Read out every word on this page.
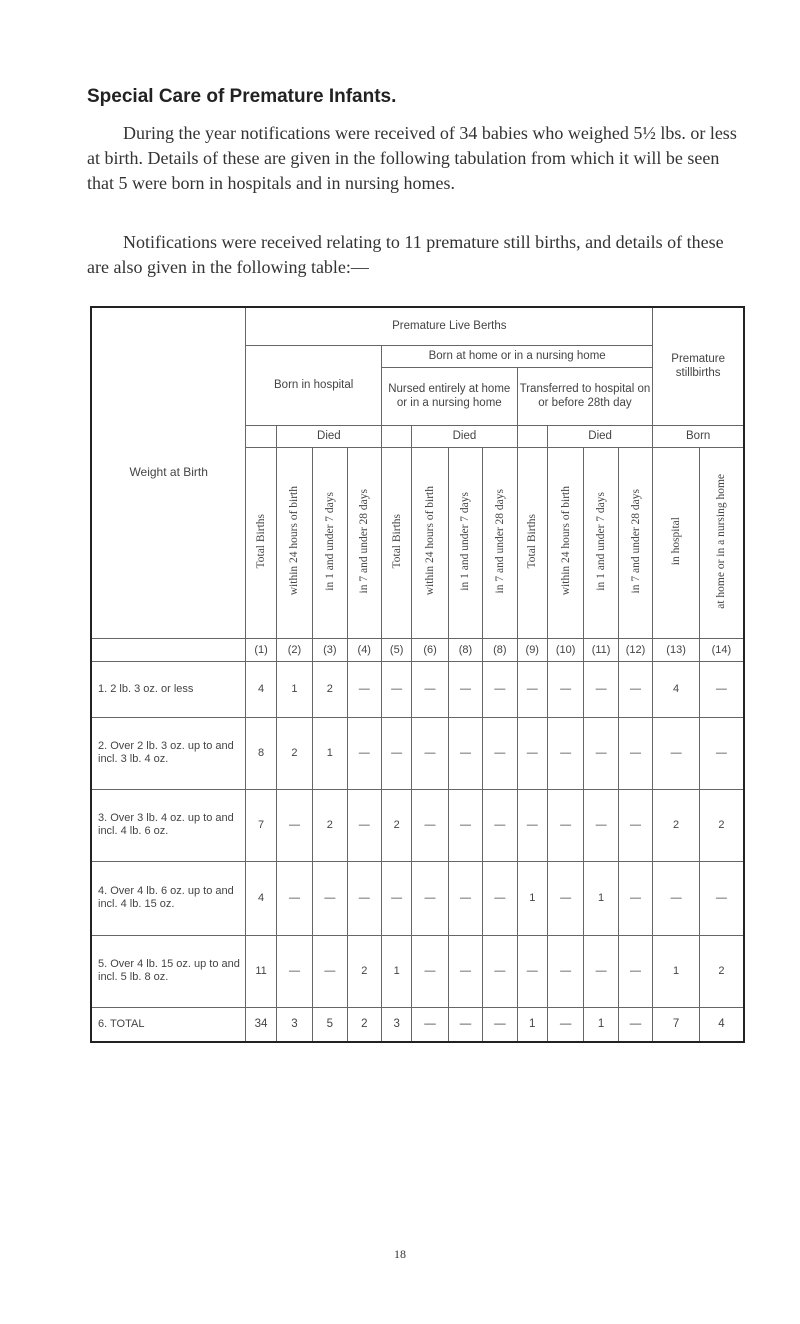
Special Care of Premature Infants.

During the year notifications were received of 34 babies who weighed 5½ lbs. or less at birth. Details of these are given in the following tabulation from which it will be seen that 5 were born in hospitals and in nursing homes.

Notifications were received relating to 11 premature still births, and details of these are also given in the following table:—

Weight at Birth	Premature Live Berths												Premature stillbirths	
	Born in hospital				Born at home or in a nursing home									
					Nursed entirely at home or in a nursing home				Transferred to hospital on or before 28th day					
		Died				Died				Died			Born	
	Total Births	within 24 hours of birth	in 1 and under 7 days	in 7 and under 28 days	Total Births	within 24 hours of birth	in 1 and under 7 days	in 7 and under 28 days	Total Births	within 24 hours of birth	in 1 and under 7 days	in 7 and under 28 days	in hospital	at home or in a nursing home
	(1)	(2)	(3)	(4)	(5)	(6)	(8)	(8)	(9)	(10)	(11)	(12)	(13)	(14)
1. 2 lb. 3 oz. or less	4	1	2	—	—	—	—	—	—	—	—	—	4	—
2. Over 2 lb. 3 oz. up to and incl. 3 lb. 4 oz.	8	2	1	—	—	—	—	—	—	—	—	—	—	—
3. Over 3 lb. 4 oz. up to and incl. 4 lb. 6 oz.	7	—	2	—	2	—	—	—	—	—	—	—	2	2
4. Over 4 lb. 6 oz. up to and incl. 4 lb. 15 oz.	4	—	—	—	—	—	—	—	1	—	1	—	—	—
5. Over 4 lb. 15 oz. up to and incl. 5 lb. 8 oz.	11	—	—	2	1	—	—	—	—	—	—	—	1	2
6. TOTAL	34	3	5	2	3	—	—	—	1	—	1	—	7	4
18
